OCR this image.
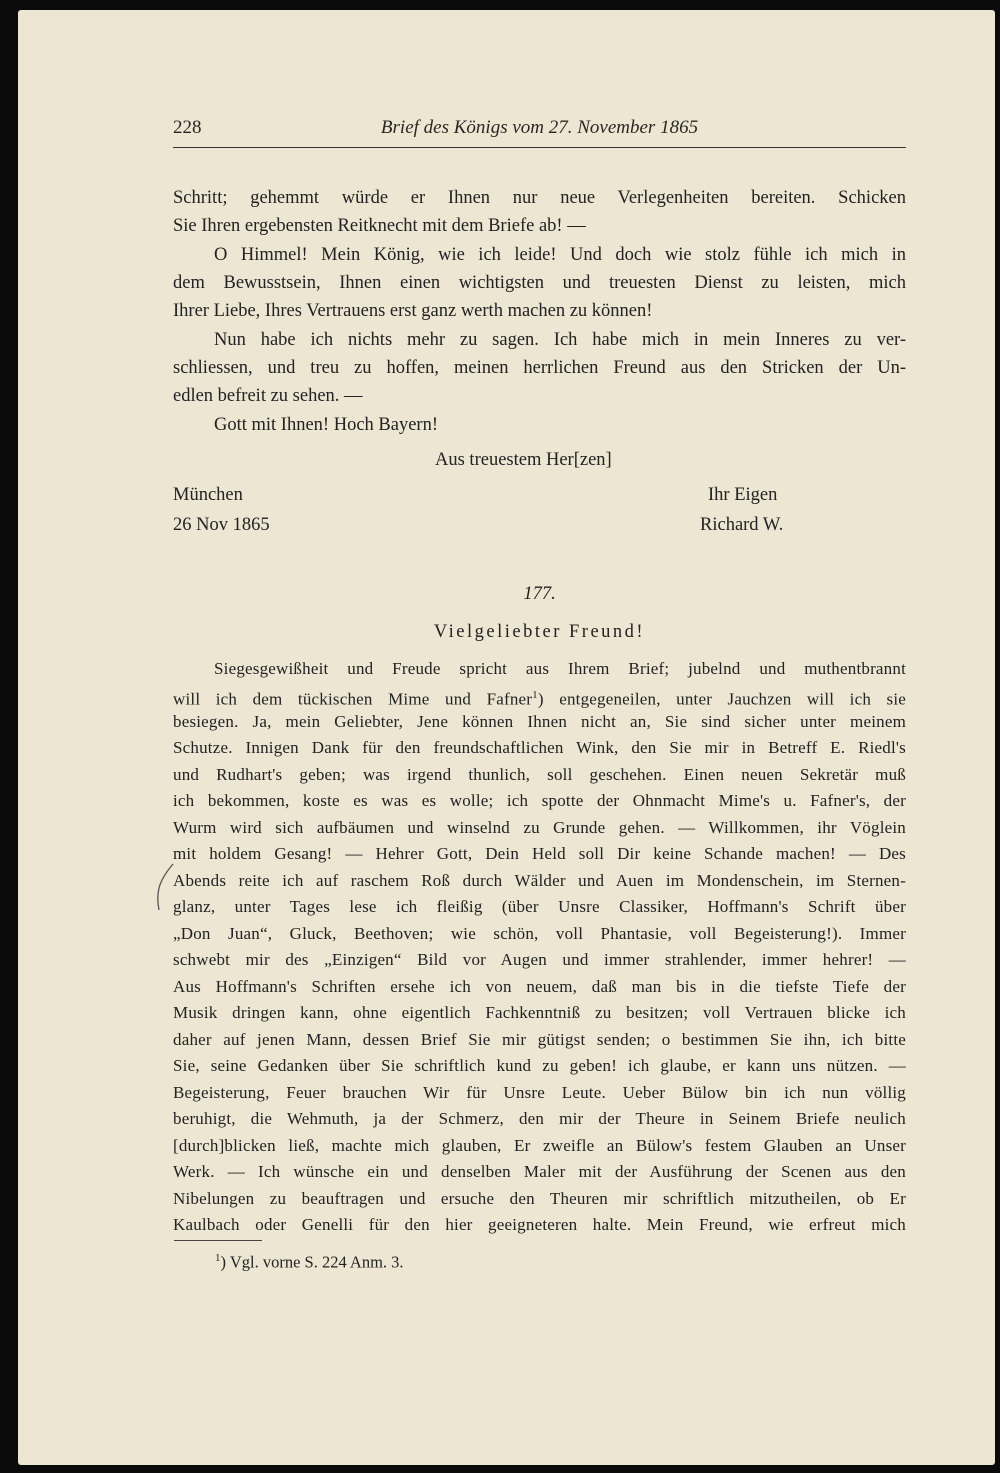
228	Brief des Königs vom 27. November 1865
Schritt; gehemmt würde er Ihnen nur neue Verlegenheiten bereiten. Schicken
Sie Ihren ergebensten Reitknecht mit dem Briefe ab! —
O Himmel! Mein König, wie ich leide! Und doch wie stolz fühle ich mich in
dem Bewusstsein, Ihnen einen wichtigsten und treuesten Dienst zu leisten, mich
Ihrer Liebe, Ihres Vertrauens erst ganz werth machen zu können!
Nun habe ich nichts mehr zu sagen. Ich habe mich in mein Inneres zu ver-
schliessen, und treu zu hoffen, meinen herrlichen Freund aus den Stricken der Un-
edlen befreit zu sehen. —
Gott mit Ihnen! Hoch Bayern!
Aus treuestem Her[zen]
München	Ihr Eigen
26 Nov 1865	Richard W.
177.
Vielgeliebter Freund!
Siegesgewißheit und Freude spricht aus Ihrem Brief; jubelnd und muthentbrannt
will ich dem tückischen Mime und Fafner$^1$) entgegeneilen, unter Jauchzen will ich sie
besiegen. Ja, mein Geliebter, Jene können Ihnen nicht an, Sie sind sicher unter meinem
Schutze. Innigen Dank für den freundschaftlichen Wink, den Sie mir in Betreff E. Riedl's
und Rudhart's geben; was irgend thunlich, soll geschehen. Einen neuen Sekretär muß
ich bekommen, koste es was es wolle; ich spotte der Ohnmacht Mime's u. Fafner's, der
Wurm wird sich aufbäumen und winselnd zu Grunde gehen. — Willkommen, ihr Vöglein
mit holdem Gesang! — Hehrer Gott, Dein Held soll Dir keine Schande machen! — Des
Abends reite ich auf raschem Roß durch Wälder und Auen im Mondenschein, im Sternen-
glanz, unter Tages lese ich fleißig (über Unsre Classiker, Hoffmann's Schrift über
„Don Juan“, Gluck, Beethoven; wie schön, voll Phantasie, voll Begeisterung!). Immer
schwebt mir des „Einzigen“ Bild vor Augen und immer strahlender, immer hehrer! —
Aus Hoffmann's Schriften ersehe ich von neuem, daß man bis in die tiefste Tiefe der
Musik dringen kann, ohne eigentlich Fachkenntniß zu besitzen; voll Vertrauen blicke ich
daher auf jenen Mann, dessen Brief Sie mir gütigst senden; o bestimmen Sie ihn, ich bitte
Sie, seine Gedanken über Sie schriftlich kund zu geben! ich glaube, er kann uns nützen. —
Begeisterung, Feuer brauchen Wir für Unsre Leute. Ueber Bülow bin ich nun völlig
beruhigt, die Wehmuth, ja der Schmerz, den mir der Theure in Seinem Briefe neulich
[durch]blicken ließ, machte mich glauben, Er zweifle an Bülow's festem Glauben an Unser
Werk. — Ich wünsche ein und denselben Maler mit der Ausführung der Scenen aus den
Nibelungen zu beauftragen und ersuche den Theuren mir schriftlich mitzutheilen, ob Er
Kaulbach oder Genelli für den hier geeigneteren halte. Mein Freund, wie erfreut mich
$^1$) Vgl. vorne S. 224 Anm. 3.
